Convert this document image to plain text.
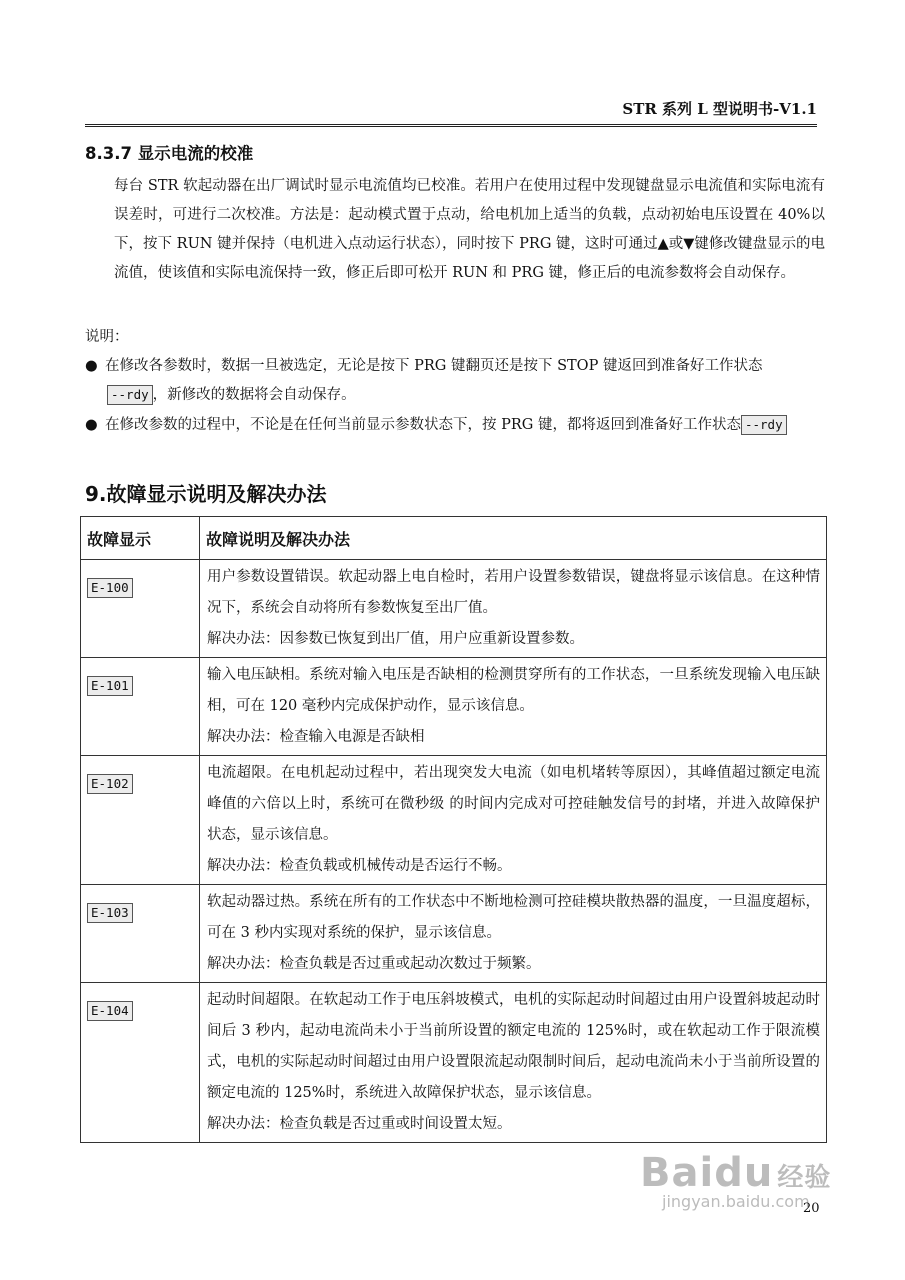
STR 系列 L 型说明书-V1.1
8.3.7 显示电流的校准
每台 STR 软起动器在出厂调试时显示电流值均已校准。若用户在使用过程中发现键盘显示电流值和实际电流有误差时，可进行二次校准。方法是：起动模式置于点动，给电机加上适当的负载，点动初始电压设置在 40%以下，按下 RUN 键并保持（电机进入点动运行状态），同时按下 PRG 键，这时可通过▲或▼键修改键盘显示的电流值，使该值和实际电流保持一致，修正后即可松开 RUN 和 PRG 键，修正后的电流参数将会自动保存。
说明：
● 在修改各参数时，数据一旦被选定，无论是按下 PRG 键翻页还是按下 STOP 键返回到准备好工作状态
--rdy ，新修改的数据将会自动保存。
● 在修改参数的过程中，不论是在任何当前显示参数状态下，按 PRG 键，都将返回到准备好工作状态 --rdy
9.故障显示说明及解决办法
故障显示	故障说明及解决办法
E-100	用户参数设置错误。软起动器上电自检时，若用户设置参数错误，键盘将显示该信息。在这种情况下，系统会自动将所有参数恢复至出厂值。
解决办法：因参数已恢复到出厂值，用户应重新设置参数。

E-101	输入电压缺相。系统对输入电压是否缺相的检测贯穿所有的工作状态，一旦系统发现输入电压缺相，可在 120 毫秒内完成保护动作，显示该信息。
解决办法：检查输入电源是否缺相

E-102	电流超限。在电机起动过程中，若出现突发大电流（如电机堵转等原因），其峰值超过额定电流峰值的六倍以上时，系统可在微秒级 的时间内完成对可控硅触发信号的封堵，并进入故障保护状态，显示该信息。
解决办法：检查负载或机械传动是否运行不畅。

E-103	软起动器过热。系统在所有的工作状态中不断地检测可控硅模块散热器的温度，一旦温度超标，可在 3 秒内实现对系统的保护，显示该信息。
解决办法：检查负载是否过重或起动次数过于频繁。

E-104	起动时间超限。在软起动工作于电压斜坡模式，电机的实际起动时间超过由用户设置斜坡起动时间后 3 秒内，起动电流尚未小于当前所设置的额定电流的 125%时，或在软起动工作于限流模式，电机的实际起动时间超过由用户设置限流起动限制时间后，起动电流尚未小于当前所设置的额定电流的 125%时，系统进入故障保护状态，显示该信息。
解决办法：检查负载是否过重或时间设置太短。
Baidu 经验
jingyan.baidu.com
20
